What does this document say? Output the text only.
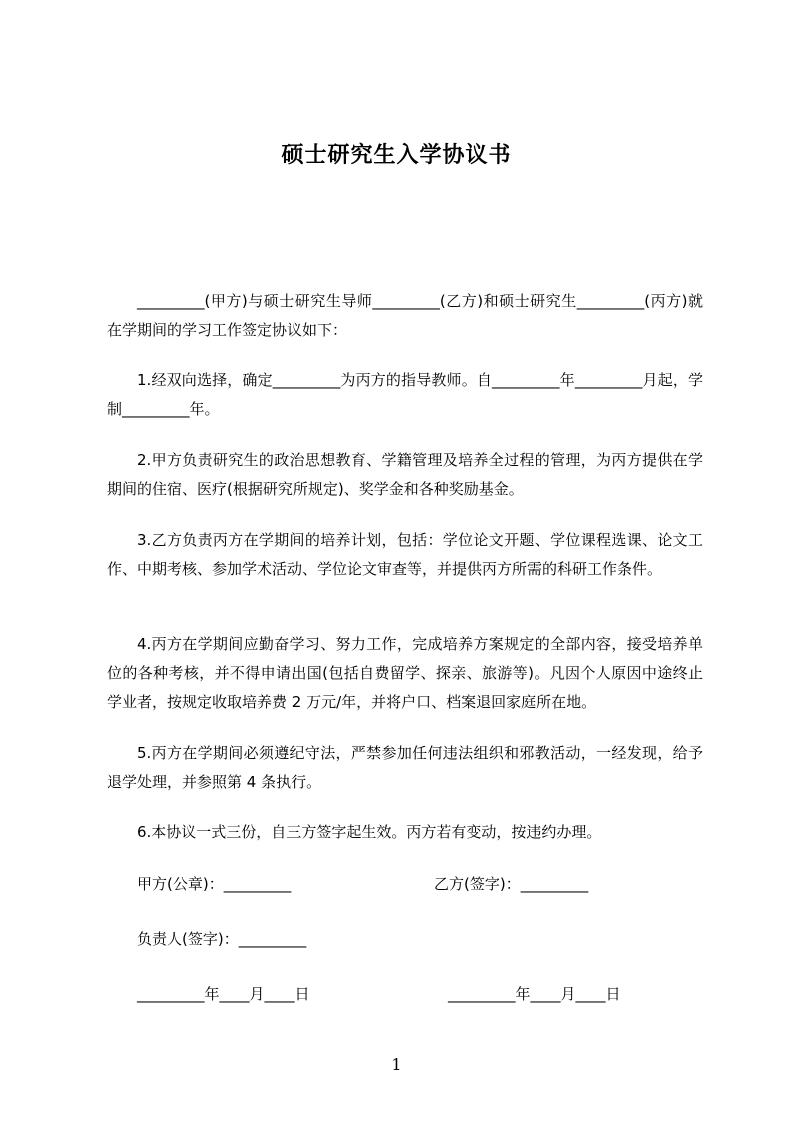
硕士研究生入学协议书
_________(甲方)与硕士研究生导师_________(乙方)和硕士研究生_________(丙方)就在学期间的学习工作签定协议如下：
1.经双向选择，确定_________为丙方的指导教师。自_________年_________月起，学制_________年。
2.甲方负责研究生的政治思想教育、学籍管理及培养全过程的管理，为丙方提供在学期间的住宿、医疗(根据研究所规定)、奖学金和各种奖励基金。
3.乙方负责丙方在学期间的培养计划，包括：学位论文开题、学位课程选课、论文工作、中期考核、参加学术活动、学位论文审查等，并提供丙方所需的科研工作条件。
4.丙方在学期间应勤奋学习、努力工作，完成培养方案规定的全部内容，接受培养单位的各种考核，并不得申请出国(包括自费留学、探亲、旅游等)。凡因个人原因中途终止学业者，按规定收取培养费 2 万元/年，并将户口、档案退回家庭所在地。
5.丙方在学期间必须遵纪守法，严禁参加任何违法组织和邪教活动，一经发现，给予退学处理，并参照第 4 条执行。
6.本协议一式三份，自三方签字起生效。丙方若有变动，按违约办理。
甲方(公章)：_________	乙方(签字)：_________
负责人(签字)：_________
_________年____月____日	_________年____月____日
1
